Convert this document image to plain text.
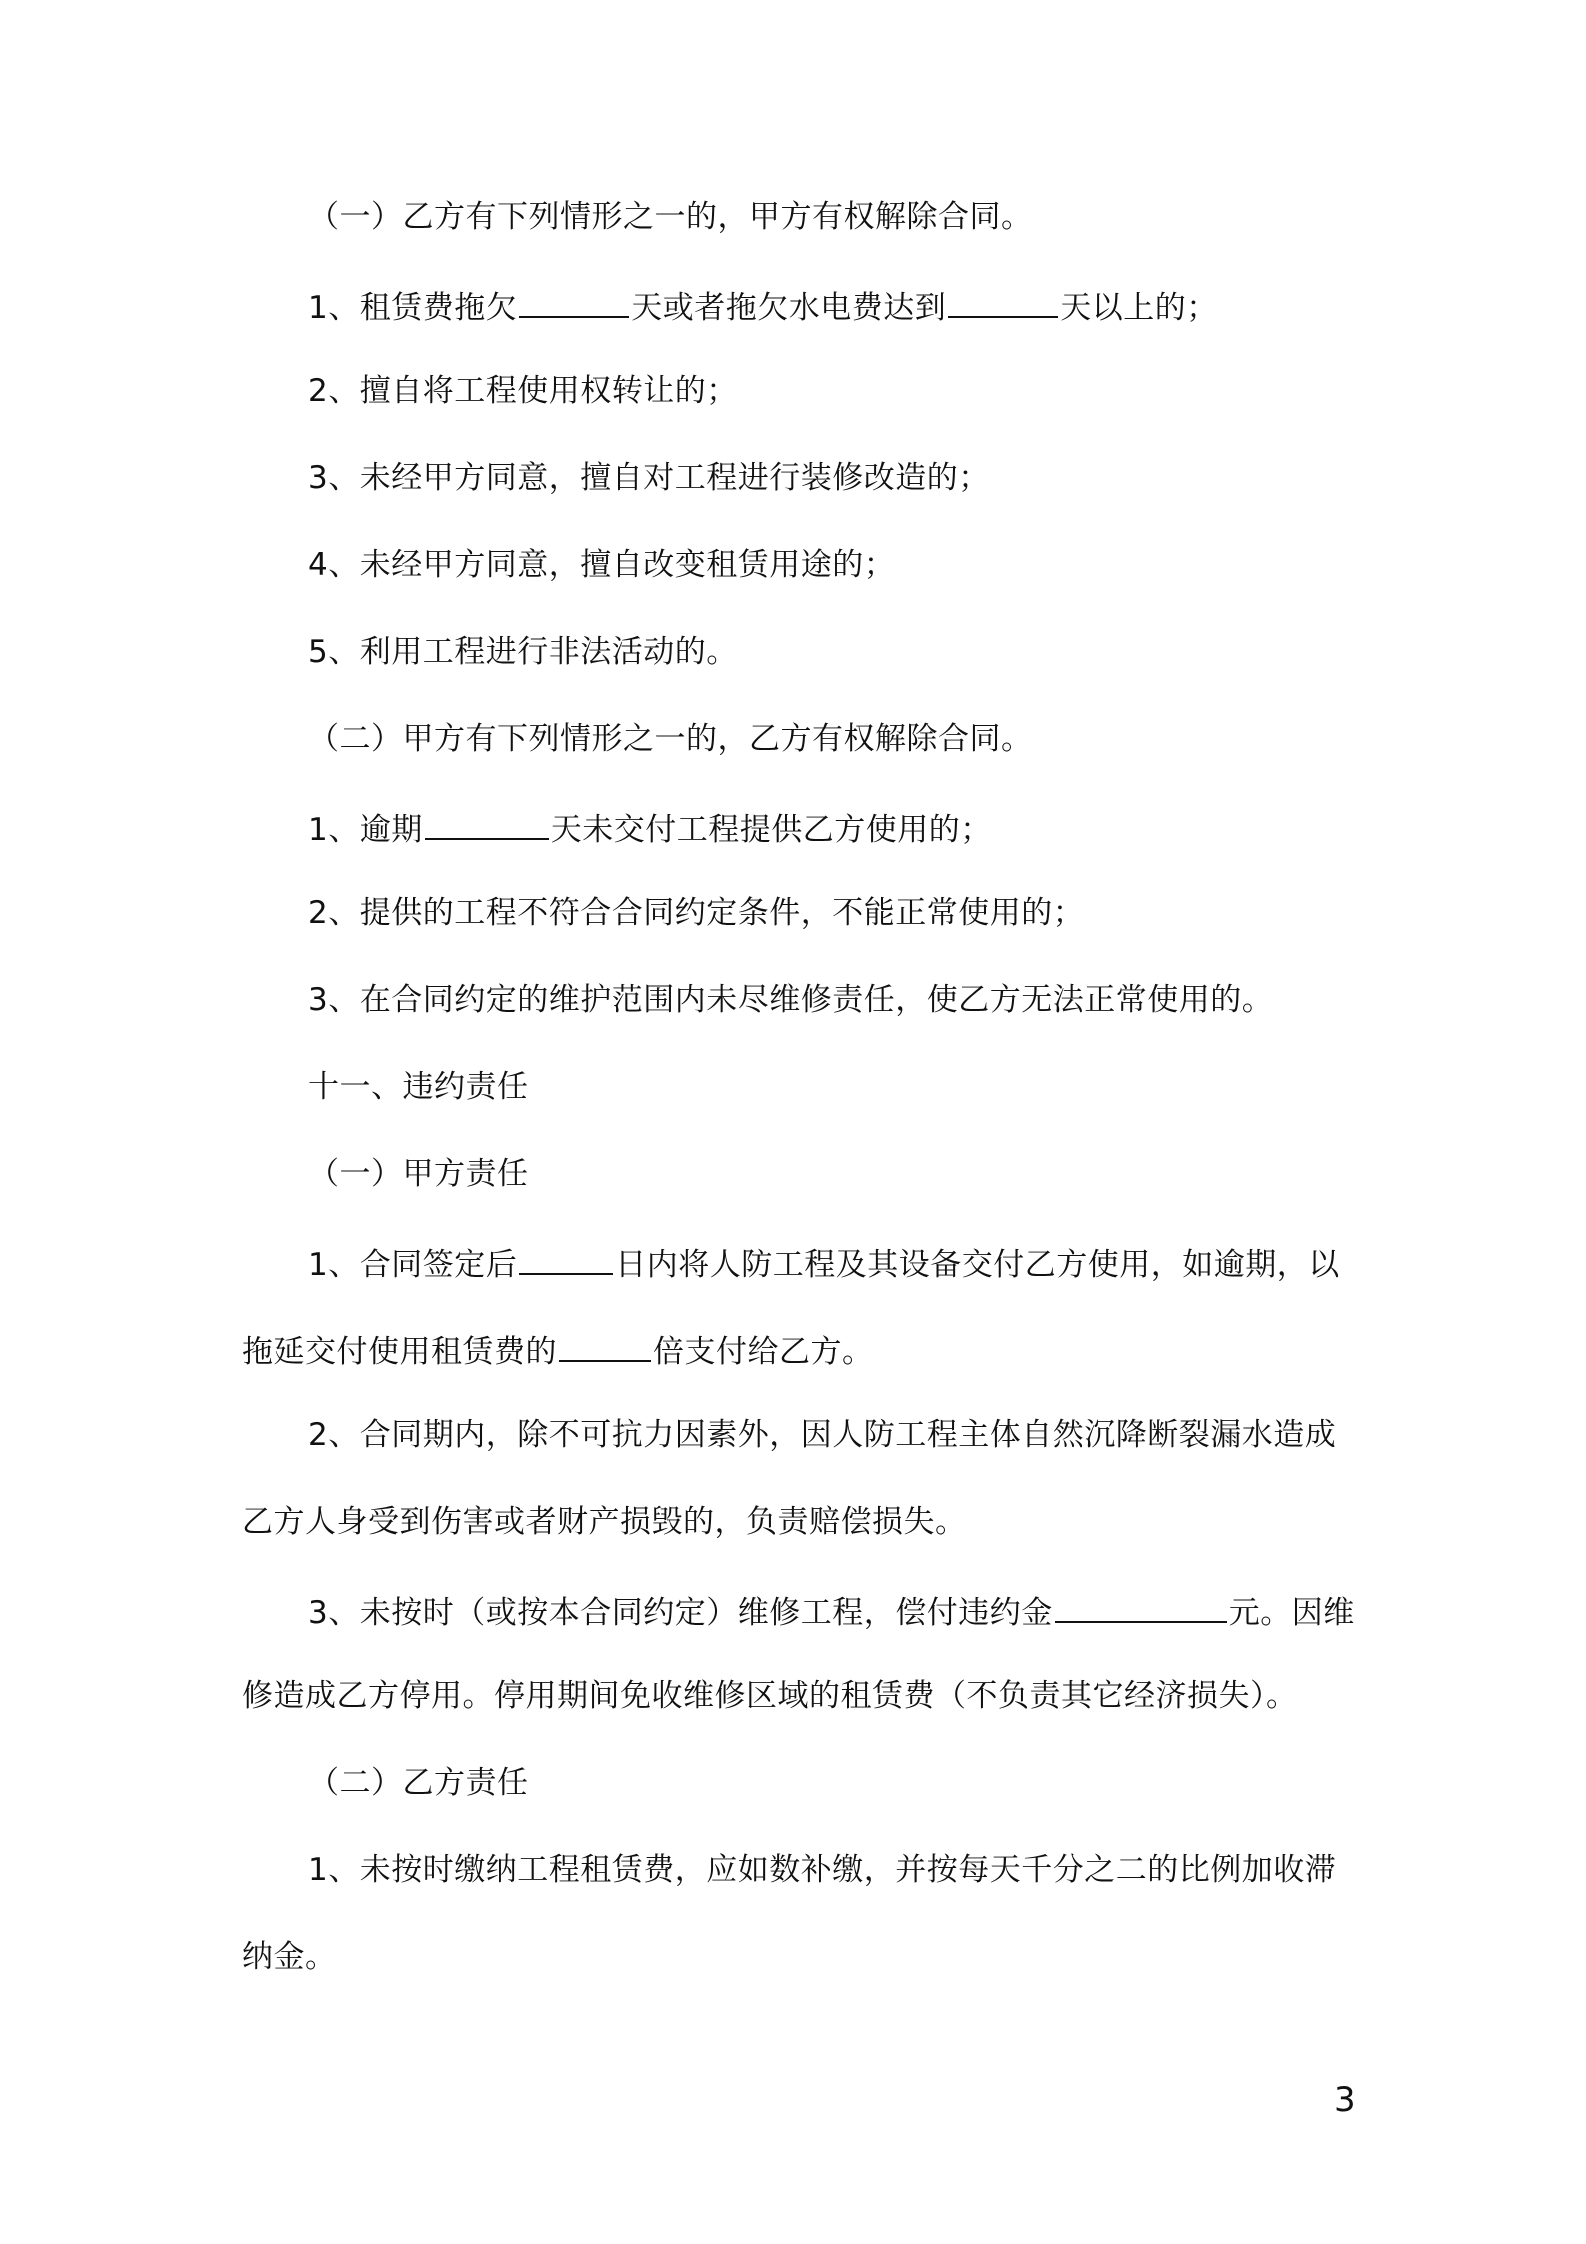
（一）乙方有下列情形之一的，甲方有权解除合同。
1、租赁费拖欠	天或者拖欠水电费达到	天以上的；
2、擅自将工程使用权转让的；
3、未经甲方同意，擅自对工程进行装修改造的；
4、未经甲方同意，擅自改变租赁用途的；
5、利用工程进行非法活动的。
（二）甲方有下列情形之一的，乙方有权解除合同。
1、逾期	天未交付工程提供乙方使用的；
2、提供的工程不符合合同约定条件，不能正常使用的；
3、在合同约定的维护范围内未尽维修责任，使乙方无法正常使用的。
十一、违约责任
（一）甲方责任
1、合同签定后	日内将人防工程及其设备交付乙方使用，如逾期，以
拖延交付使用租赁费的	倍支付给乙方。
2、合同期内，除不可抗力因素外，因人防工程主体自然沉降断裂漏水造成
乙方人身受到伤害或者财产损毁的，负责赔偿损失。
3、未按时（或按本合同约定）维修工程，偿付违约金	元。因维
修造成乙方停用。停用期间免收维修区域的租赁费（不负责其它经济损失）。
（二）乙方责任
1、未按时缴纳工程租赁费，应如数补缴，并按每天千分之二的比例加收滞
纳金。
3
